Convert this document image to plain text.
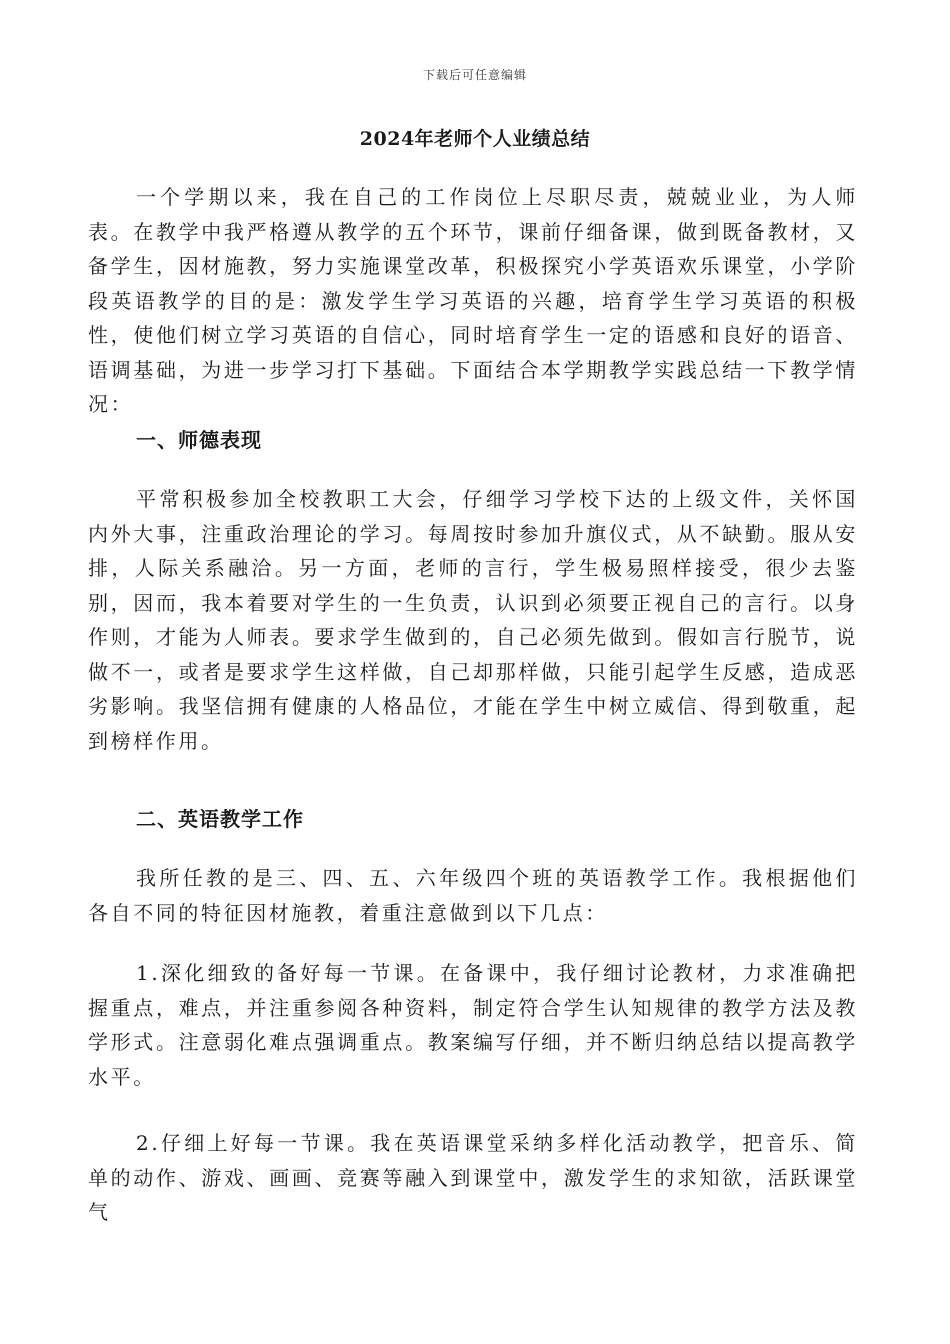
下载后可任意编辑
2024年老师个人业绩总结

一个学期以来，我在自己的工作岗位上尽职尽责，兢兢业业，为人师表。在教学中我严格遵从教学的五个环节，课前仔细备课，做到既备教材，又备学生，因材施教，努力实施课堂改革，积极探究小学英语欢乐课堂，小学阶段英语教学的目的是：激发学生学习英语的兴趣，培育学生学习英语的积极性，使他们树立学习英语的自信心，同时培育学生一定的语感和良好的语音、语调基础，为进一步学习打下基础。下面结合本学期教学实践总结一下教学情况：

一、师德表现

平常积极参加全校教职工大会，仔细学习学校下达的上级文件，关怀国内外大事，注重政治理论的学习。每周按时参加升旗仪式，从不缺勤。服从安排，人际关系融洽。另一方面，老师的言行，学生极易照样接受，很少去鉴别，因而，我本着要对学生的一生负责，认识到必须要正视自己的言行。以身作则，才能为人师表。要求学生做到的，自己必须先做到。假如言行脱节，说做不一，或者是要求学生这样做，自己却那样做，只能引起学生反感，造成恶劣影响。我坚信拥有健康的人格品位，才能在学生中树立威信、得到敬重，起到榜样作用。

二、英语教学工作

我所任教的是三、四、五、六年级四个班的英语教学工作。我根据他们各自不同的特征因材施教，着重注意做到以下几点：

1.深化细致的备好每一节课。在备课中，我仔细讨论教材，力求准确把握重点，难点，并注重参阅各种资料，制定符合学生认知规律的教学方法及教学形式。注意弱化难点强调重点。教案编写仔细，并不断归纳总结以提高教学水平。

2.仔细上好每一节课。我在英语课堂采纳多样化活动教学，把音乐、简单的动作、游戏、画画、竞赛等融入到课堂中，激发学生的求知欲，活跃课堂气
